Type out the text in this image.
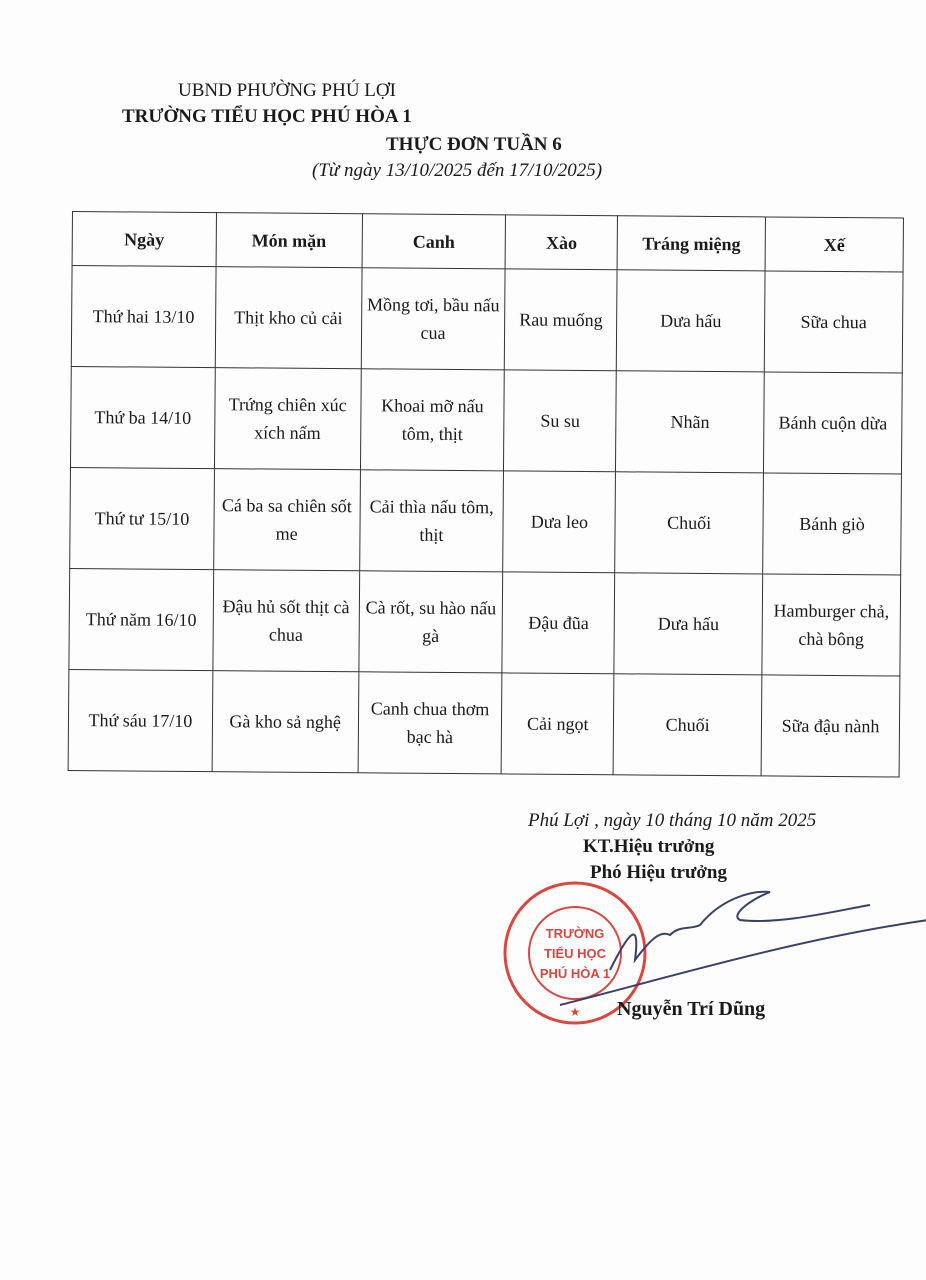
UBND PHƯỜNG PHÚ LỢI
TRƯỜNG TIỂU HỌC PHÚ HÒA 1
THỰC ĐƠN TUẦN 6
(Từ ngày 13/10/2025 đến 17/10/2025)
Ngày	Món mặn	Canh	Xào	Tráng miệng	Xế
Thứ hai 13/10	Thịt kho củ cải	Mồng tơi, bầu nấu cua	Rau muống	Dưa hấu	Sữa chua
Thứ ba 14/10	Trứng chiên xúc xích nấm	Khoai mỡ nấu tôm, thịt	Su su	Nhãn	Bánh cuộn dừa
Thứ tư 15/10	Cá ba sa chiên sốt me	Cải thìa nấu tôm, thịt	Dưa leo	Chuối	Bánh giò
Thứ năm 16/10	Đậu hủ sốt thịt cà chua	Cà rốt, su hào nấu gà	Đậu đũa	Dưa hấu	Hamburger chả, chà bông
Thứ sáu 17/10	Gà kho sả nghệ	Canh chua thơm bạc hà	Cải ngọt	Chuối	Sữa đậu nành
Phú Lợi , ngày 10 tháng 10 năm 2025
KT.Hiệu trưởng
Phó Hiệu trưởng
TRƯỜNG
TIỂU HỌC
PHÚ HÒA 1
★ Nguyễn Trí Dũng
